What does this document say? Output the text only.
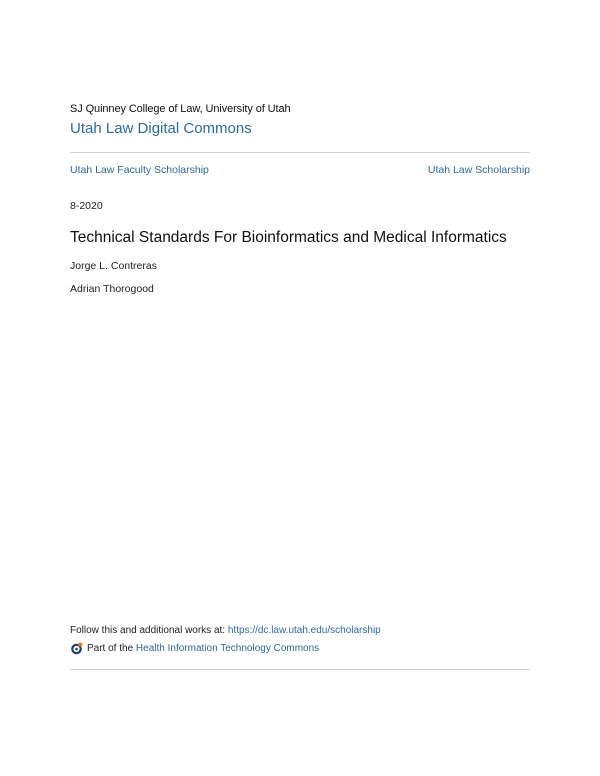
SJ Quinney College of Law, University of Utah
Utah Law Digital Commons
Utah Law Faculty Scholarship	Utah Law Scholarship
8-2020
Technical Standards For Bioinformatics and Medical Informatics
Jorge L. Contreras
Adrian Thorogood
Follow this and additional works at: https://dc.law.utah.edu/scholarship
Part of the Health Information Technology Commons
